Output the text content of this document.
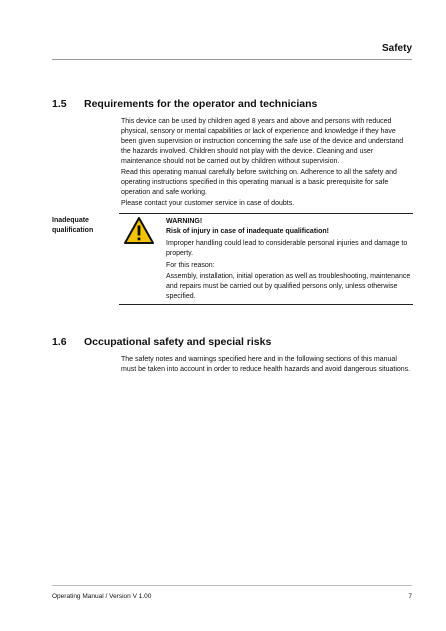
Safety
1.5 Requirements for the operator and technicians

This device can be used by children aged 8 years and above and persons with reduced physical, sensory or mental capabilities or lack of experience and knowledge if they have been given supervision or instruction concerning the safe use of the device and understand the hazards involved. Children should not play with the device. Cleaning and user maintenance should not be carried out by children without supervision.

Read this operating manual carefully before switching on. Adherence to all the safety and operating instructions specified in this operating manual is a basic prerequisite for safe operation and safe working.

Please contact your customer service in case of doubts.

Inadequate qualification

WARNING!

Risk of injury in case of inadequate qualification!

Improper handling could lead to considerable personal injuries and damage to property.

For this reason:

Assembly, installation, initial operation as well as troubleshooting, maintenance and repairs must be carried out by qualified persons only, unless otherwise specified.

1.6 Occupational safety and special risks

The safety notes and warnings specified here and in the following sections of this manual must be taken into account in order to reduce health hazards and avoid dangerous situations.

Operating Manual / Version V 1.00	7
